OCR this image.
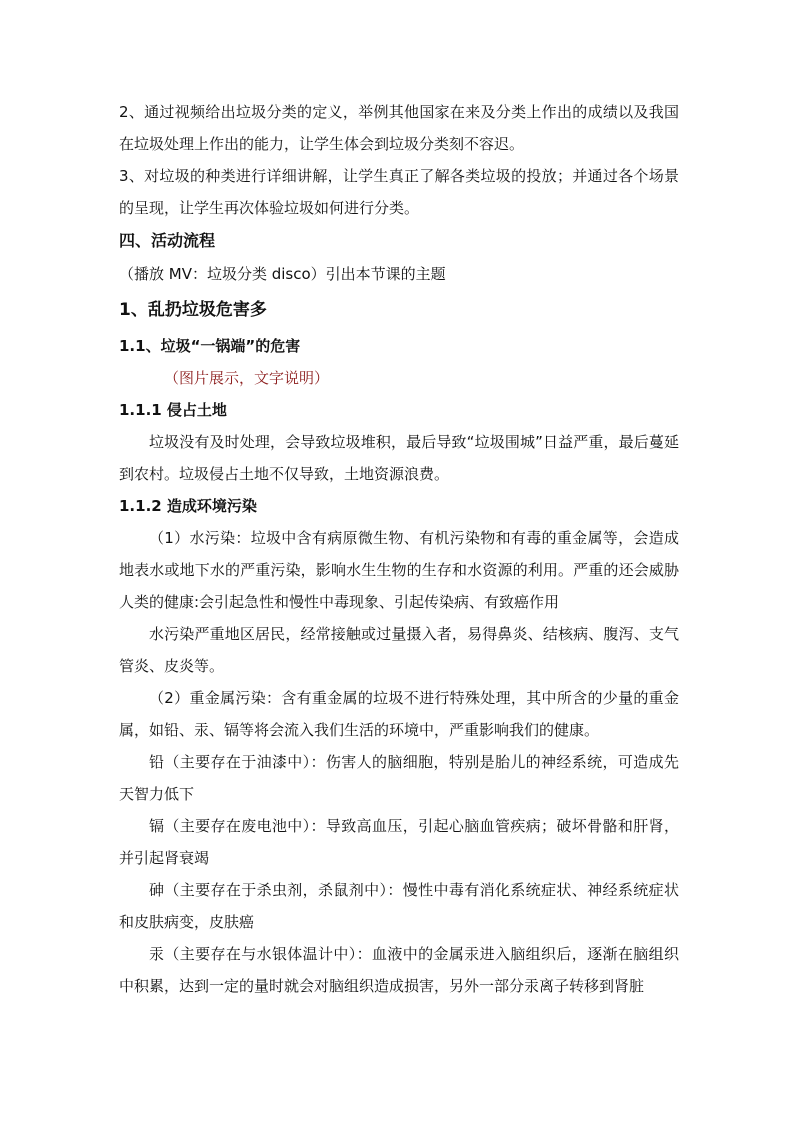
2、通过视频给出垃圾分类的定义，举例其他国家在来及分类上作出的成绩以及我国在垃圾处理上作出的能力，让学生体会到垃圾分类刻不容迟。

3、对垃圾的种类进行详细讲解，让学生真正了解各类垃圾的投放；并通过各个场景的呈现，让学生再次体验垃圾如何进行分类。

四、活动流程

（播放 MV：垃圾分类 disco）引出本节课的主题

1、乱扔垃圾危害多

1.1、垃圾“一锅端”的危害

（图片展示，文字说明）

1.1.1 侵占土地

垃圾没有及时处理，会导致垃圾堆积，最后导致“垃圾围城”日益严重，最后蔓延到农村。垃圾侵占土地不仅导致，土地资源浪费。

1.1.2 造成环境污染

（1）水污染：垃圾中含有病原微生物、有机污染物和有毒的重金属等，会造成地表水或地下水的严重污染，影响水生生物的生存和水资源的利用。严重的还会威胁人类的健康:会引起急性和慢性中毒现象、引起传染病、有致癌作用

水污染严重地区居民，经常接触或过量摄入者，易得鼻炎、结核病、腹泻、支气管炎、皮炎等。

（2）重金属污染：含有重金属的垃圾不进行特殊处理，其中所含的少量的重金属，如铅、汞、镉等将会流入我们生活的环境中，严重影响我们的健康。

铅（主要存在于油漆中）：伤害人的脑细胞，特别是胎儿的神经系统，可造成先天智力低下

镉（主要存在废电池中）：导致高血压，引起心脑血管疾病；破坏骨骼和肝肾，并引起肾衰竭

砷（主要存在于杀虫剂，杀鼠剂中）：慢性中毒有消化系统症状、神经系统症状和皮肤病变，皮肤癌

汞（主要存在与水银体温计中）：血液中的金属汞进入脑组织后，逐渐在脑组织中积累，达到一定的量时就会对脑组织造成损害，另外一部分汞离子转移到肾脏
